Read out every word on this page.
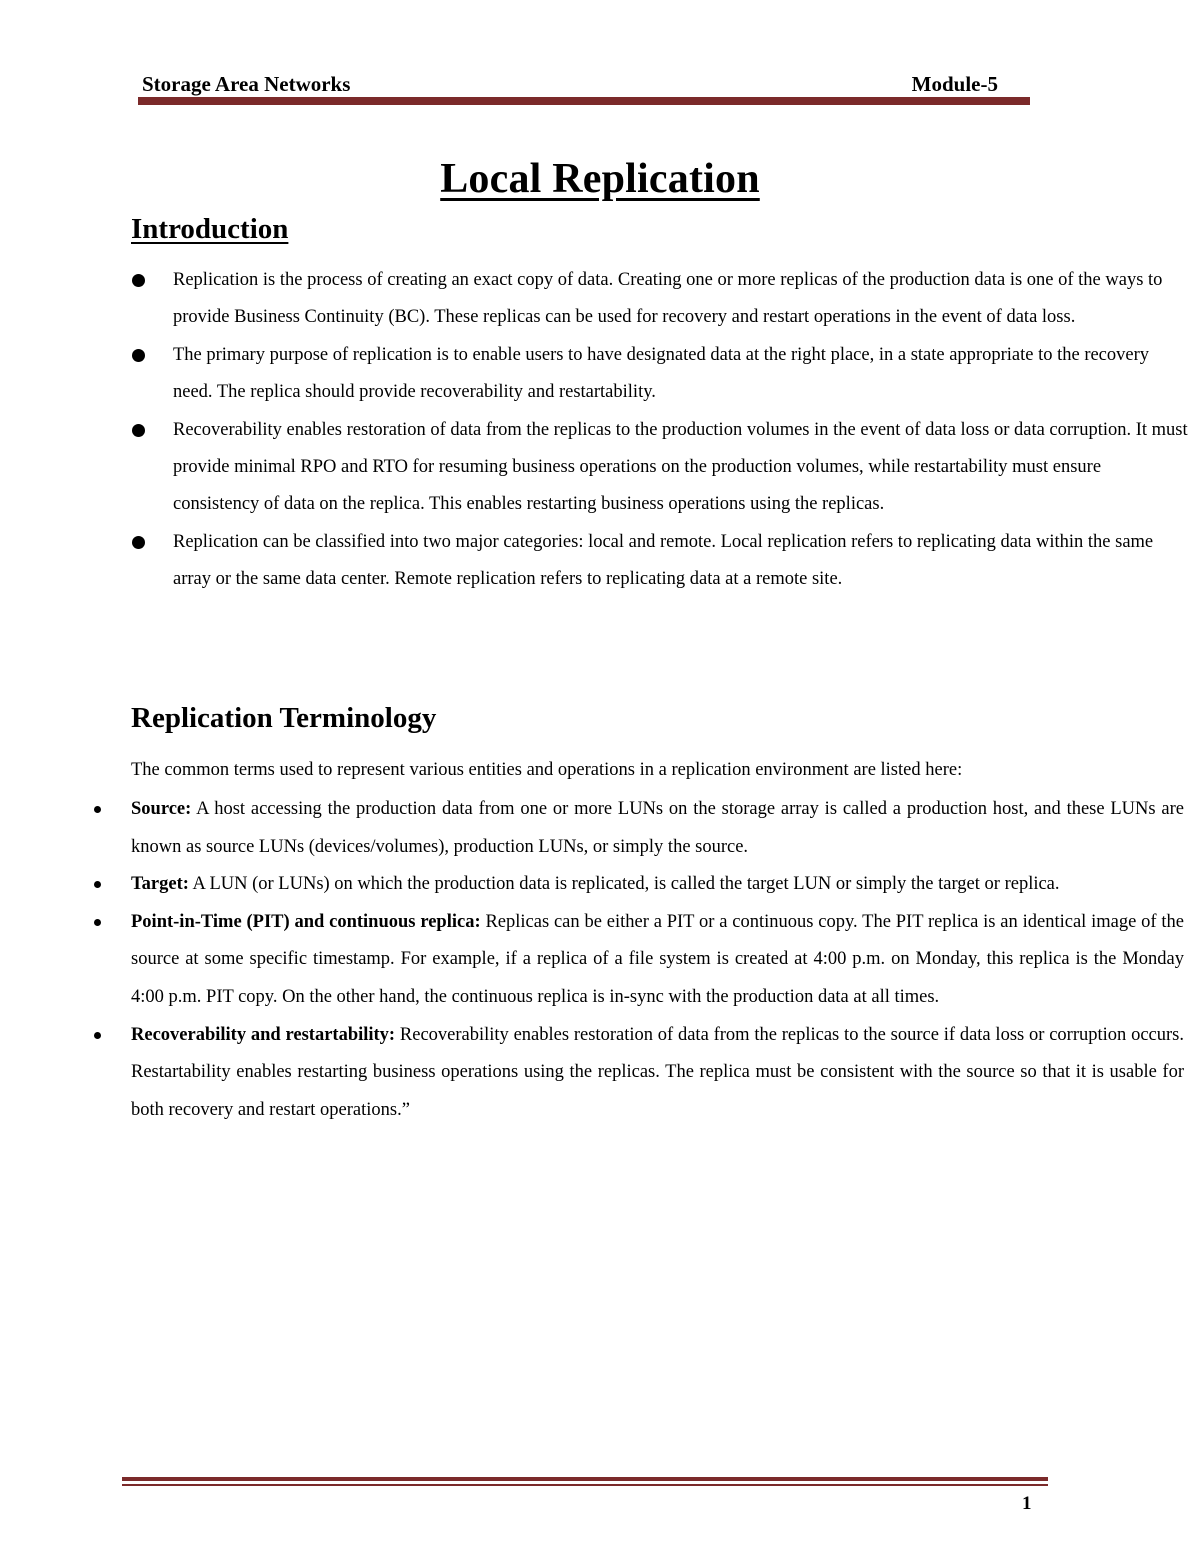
Storage Area Networks	Module-5
Local Replication
Introduction
Replication is the process of creating an exact copy of data. Creating one or more replicas of the production data is one of the ways to provide Business Continuity (BC). These replicas can be used for recovery and restart operations in the event of data loss.
The primary purpose of replication is to enable users to have designated data at the right place, in a state appropriate to the recovery need. The replica should provide recoverability and restartability.
Recoverability enables restoration of data from the replicas to the production volumes in the event of data loss or data corruption. It must provide minimal RPO and RTO for resuming business operations on the production volumes, while restartability must ensure consistency of data on the replica. This enables restarting business operations using the replicas.
Replication can be classified into two major categories: local and remote. Local replication refers to replicating data within the same array or the same data center. Remote replication refers to replicating data at a remote site.
Replication Terminology
The common terms used to represent various entities and operations in a replication environment are listed here:
Source: A host accessing the production data from one or more LUNs on the storage array is called a production host, and these LUNs are known as source LUNs (devices/volumes), production LUNs, or simply the source.
Target: A LUN (or LUNs) on which the production data is replicated, is called the target LUN or simply the target or replica.
Point-in-Time (PIT) and continuous replica: Replicas can be either a PIT or a continuous copy. The PIT replica is an identical image of the source at some specific timestamp. For example, if a replica of a file system is created at 4:00 p.m. on Monday, this replica is the Monday 4:00 p.m. PIT copy. On the other hand, the continuous replica is in-sync with the production data at all times.
Recoverability and restartability: Recoverability enables restoration of data from the replicas to the source if data loss or corruption occurs. Restartability enables restarting business operations using the replicas. The replica must be consistent with the source so that it is usable for both recovery and restart operations.”
1
